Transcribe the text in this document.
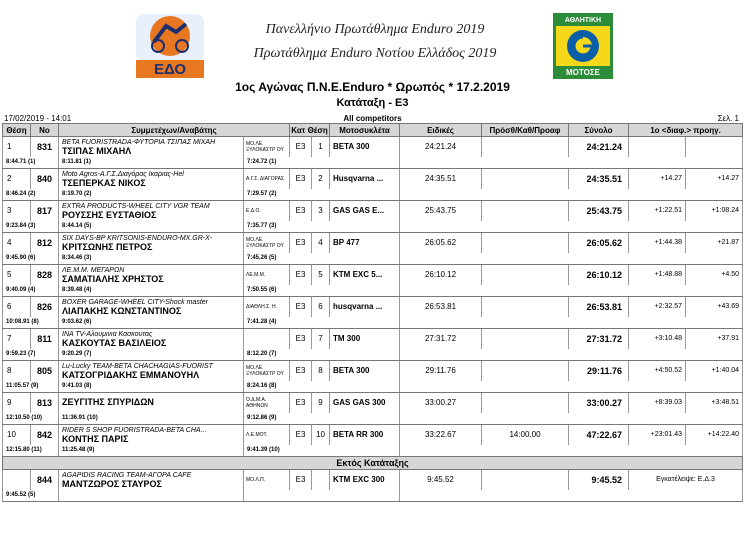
ΕΔΟ
Πανελλήνιο Πρωτάθλημα Enduro 2019
Πρωτάθλημα Enduro Νοτίου Ελλάδος 2019
ΑΘΛΗΤΙΚΗ
MOTOΣΕ
1ος Αγώνας Π.Ν.Ε.Enduro * Ωρωπός * 17.2.2019
Κατάταξη - Ε3
All competitors
17/02/2019 - 14:01	Σελ. 1
Θέση	Νο	Συμμετέχων/Αναβάτης		Κατ Θέση		Μοτοσυκλέτα	Ειδικές	Πρόσθ/Καθ/Προαφ	Σύνολο	1ο <διαφ.> προηγ.	
1	831	BETA FUORISTRADA-ΦΥΤΟΡΙΑ ΤΣΙΠΑΣ ΜΙΧΑΗ
ΤΣΙΠΑΣ ΜΙΧΑΗΛ	ΜΟ.ΛΕ. ΞΥΛΟΚΑΣΤΡ ΟΥ	E3	1	BETA 300	24:21.24		24:21.24		
8:44.71 (1)		8:11.81 (1)	7:24.72 (1)								
2	840	Moto Agros-Α.Γ.Σ.Διαγόρας Ικαριας-Hel
ΤΣΕΠΕΡΚΑΣ ΝΙΚΟΣ	Α.Γ.Σ. ΔΙΑΓΟΡΑΣ	E3	2	Husqvarna ...	24:35.51		24:35.51	+14.27	+14.27
8:46.24 (2)		8:19.70 (2)	7:29.57 (2)								
3	817	EXTRA PRODUCTS-WHEEL CITY VGR TEAM
ΡΟΥΣΣΗΣ ΕΥΣΤΑΘΙΟΣ	Ε.Δ.Ο.	E3	3	GAS GAS E...	25:43.75		25:43.75	+1:22.51	+1:08.24
9:23.84 (3)		8:44.14 (5)	7:35.77 (3)								
4	812	SIX DAYS-BP KRITSONIS-ENDURO-MX.GR-X-
ΚΡΙΤΣΩΝΗΣ ΠΕΤΡΟΣ	ΜΟ.ΛΕ. ΞΥΛΟΚΑΣΤΡ ΟΥ	E3	4	BP 477	26:05.62		26:05.62	+1:44.38	+21.87
9:45.90 (6)		8:34.46 (3)	7:45.26 (5)								
5	828	ΛΕ.Μ.Μ. ΜΕΓΑΡΩΝ
ΣΑΜΑΤΙΑΛΗΣ ΧΡΗΣΤΟΣ	ΛΕ.Μ.Μ.	E3	5	KTM EXC 5...	26:10.12		26:10.12	+1:48.88	+4.50
9:40.09 (4)		8:39.48 (4)	7:50.55 (6)								
6	826	BOXER GARAGE-WHEEL CITY-Shock master
ΛΙΑΠΑΚΗΣ ΚΩΝΣΤΑΝΤΙΝΟΣ	ΔΙΑΘΛΗ.Σ. Η.	E3	6	husqvarna ...	26:53.81		26:53.81	+2:32.57	+43.69
10:08.91 (8)		9:03.62 (6)	7:41.28 (4)								
7	811	INA TV-Αλουμινια Κασκουτας
ΚΑΣΚΟΥΤΑΣ ΒΑΣΙΛΕΙΟΣ		E3	7	TM 300	27:31.72		27:31.72	+3:10.48	+37.91
9:59.23 (7)		9:20.29 (7)	8:12.20 (7)								
8	805	Lu-Lucky TEAM-BETA CHACHAGIAS-FUORIST
ΚΑΤΣΟΓΡΙΔΑΚΗΣ ΕΜΜΑΝΟΥΗΛ	ΜΟ.ΛΕ. ΞΥΛΟΚΑΣΤΡ ΟΥ	E3	8	BETA 300	29:11.76		29:11.76	+4:50.52	+1:40.04
11:05.57 (9)		9:41.03 (8)	8:24.16 (8)								
9	813	ΖΕΥΓΙΤΗΣ ΣΠΥΡΙΔΩΝ	Ο.Δ.Μ.Α. ΑΘΗΝΩΝ	E3	9	GAS GAS 300	33:00.27		33:00.27	+8:39.03	+3:48.51
12:10.50 (10)		11:36.91 (10)	9:12.86 (9)								
10	842	RIDER S SHOP FUORISTRADA-BETA CHA...
ΚΟΝΤΗΣ ΠΑΡΙΣ	Λ.Ε.ΜΟΤ.	E3	10	BETA RR 300	33:22.67	14:00.00	47:22.67	+23:01.43	+14:22.40
12:15.80 (11)		11:25.48 (9)	9:41.39 (10)								
Εκτός Κατάταξης											
	844	AGAPIDIS RACING TEAM-ΑΓΟΡΑ CAFE
ΜΑΝΤΖΩΡΟΣ ΣΤΑΥΡΟΣ	ΜΟ.Λ.Π.	E3		KTM EXC 300	9:45.52		9:45.52	Εγκατέλειψε: Ε.Δ.3	
9:45.52 (5)											
